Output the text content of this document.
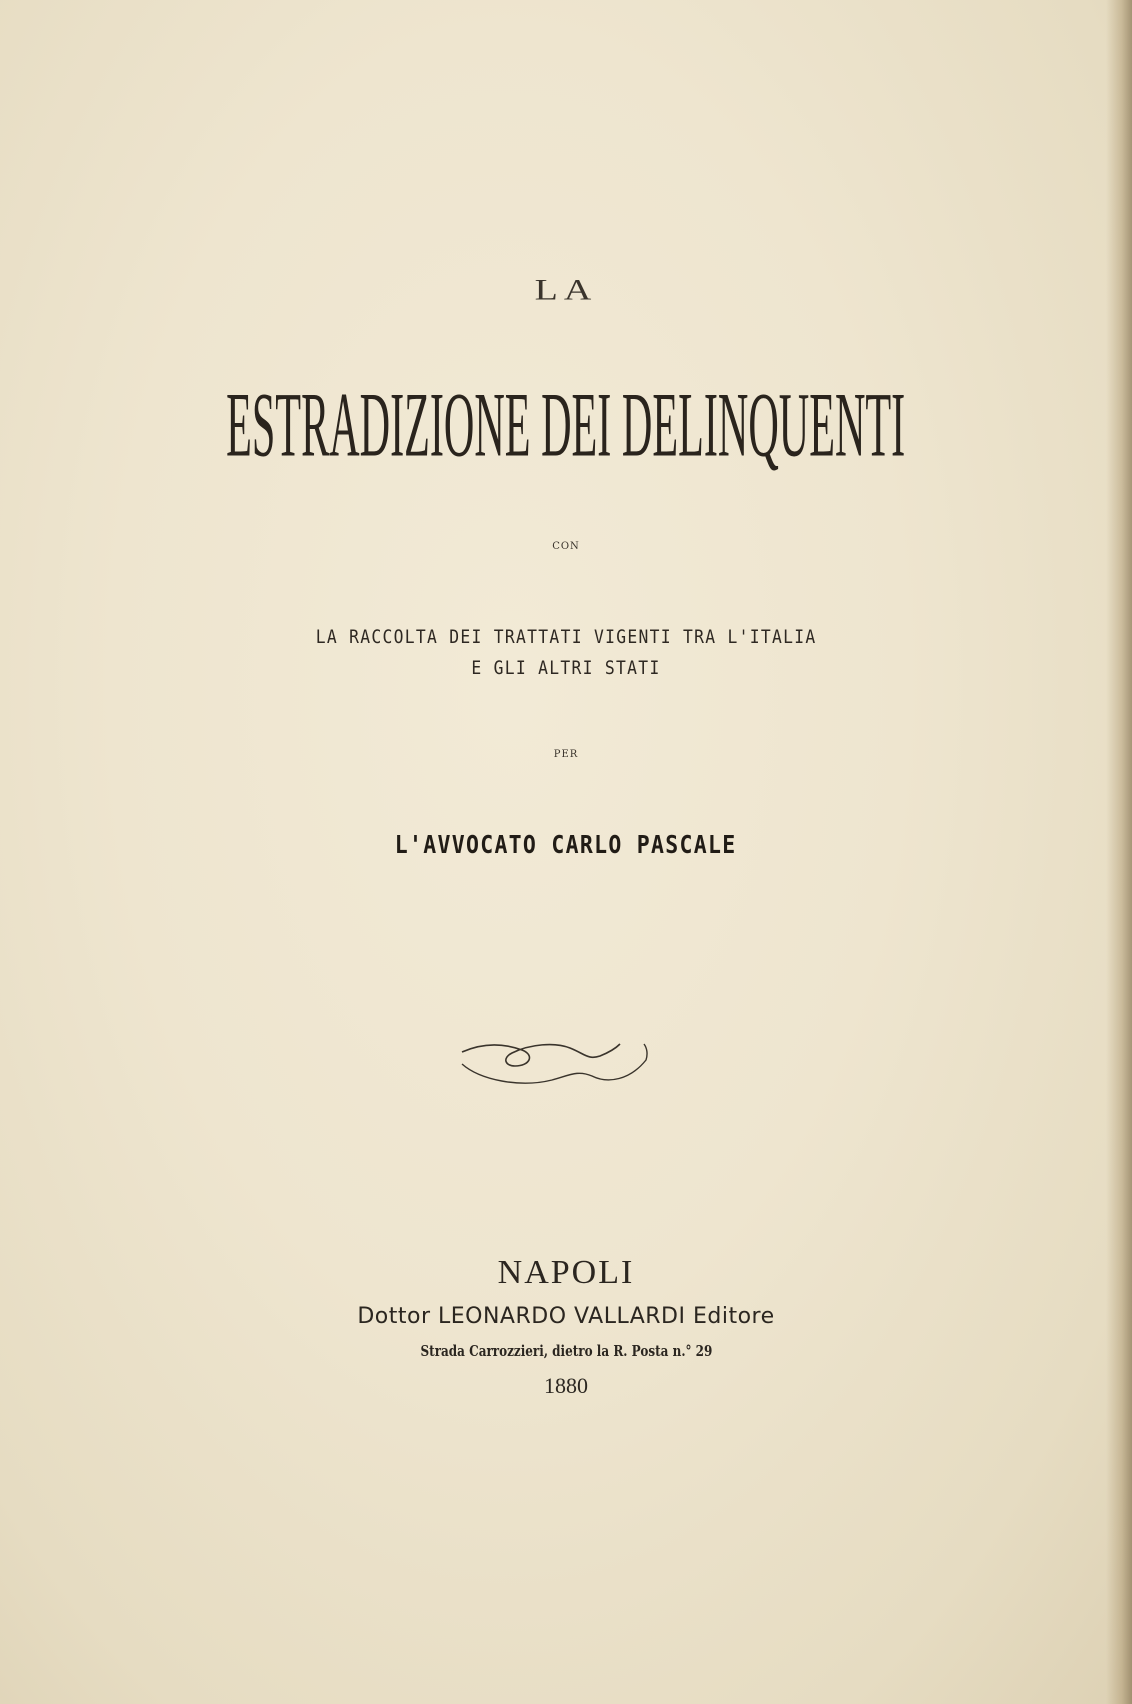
LA
ESTRADIZIONE DEI DELINQUENTI
CON
LA RACCOLTA DEI TRATTATI VIGENTI TRA L'ITALIA
E GLI ALTRI STATI
PER
L'AVVOCATO CARLO PASCALE
NAPOLI
Dottor LEONARDO VALLARDI Editore
Strada Carrozzieri, dietro la R. Posta n.° 29
1880
